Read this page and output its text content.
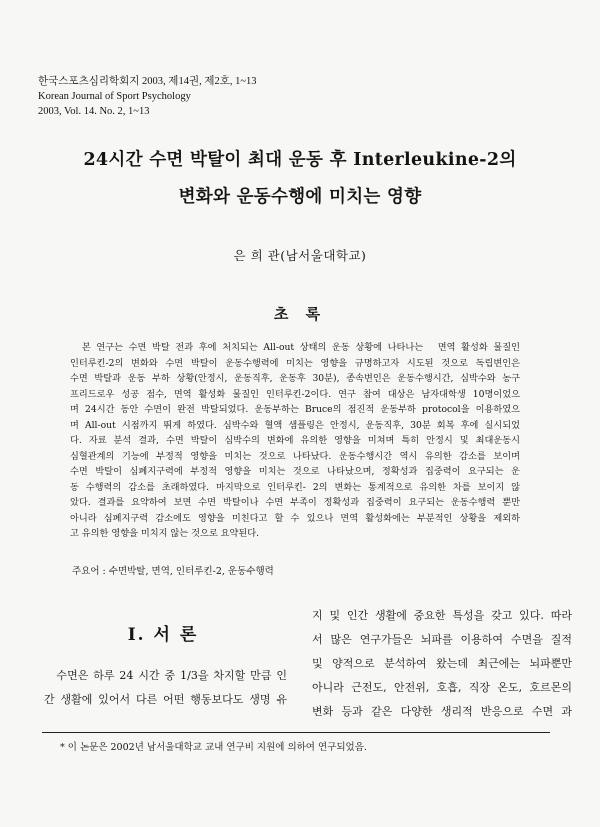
한국스포츠심리학회지 2003, 제14권, 제2호, 1~13
Korean Journal of Sport Psychology
2003, Vol. 14. No. 2, 1~13
24시간 수면 박탈이 최대 운동 후 Interleukine-2의
변화와 운동수행에 미치는 영향
은 희 관(남서울대학교)
초 록
　본 연구는 수면 박탈 전과 후에 처치되는 All-out 상태의 운동 상황에 나타나는　면역 활성화 물질인
인터루킨-2의 변화와 수면 박탈이 운동수행력에 미치는 영향을 규명하고자 시도된 것으로 독립변인은
수면 박탈과 운동 부하 상황(안정시, 운동직후, 운동후 30분), 종속변인은 운동수행시간, 심박수와 농구
프리드로우 성공 점수, 면역 활성화 물질인 인터루킨-2이다. 연구 참여 대상은 남자대학생 10명이었으
며 24시간 동안 수면이 완전 박탈되었다. 운동부하는 Bruce의 점진적 운동부하 protocol을 이용하였으
며 All-out 시점까지 뛰게 하였다. 심박수와 혈액 샘플링은 안정시, 운동직후, 30분 회복 후에 실시되었
다. 자료 분석 결과, 수면 박탈이 심박수의 변화에 유의한 영향을 미쳐며 특히 안정시 및 최대운동시
심혈관계의 기능에 부정적 영향을 미치는 것으로 나타났다. 운동수행시간 역시 유의한 감소를 보이며
수면 박탈이 심폐지구력에 부정적 영향을 미치는 것으로 나타났으며, 정확성과 집중력이 요구되는 운
동 수행력의 감소를 초래하였다. 마지막으로 인터루킨- 2의 변화는 통계적으로 유의한 차를 보이지 않
았다. 결과를 요약하여 보면 수면 박탈이나 수면 부족이 정확성과 집중력이 요구되는 운동수행력 뿐만
아니라 심폐지구력 감소에도 영향을 미친다고 할 수 있으나 면역 활성화에는 부분적인 상황을 제외하
고 유의한 영향을 미치지 않는 것으로 요약된다.
주요어 : 수면박탈, 면역, 인터루킨-2, 운동수행력
Ⅰ. 서 론
　수면은 하루 24 시간 중 1/3을 차지할 만큼 인
간 생활에 있어서 다른 어떤 행동보다도 생명 유
지 및 인간 생활에 중요한 특성을 갖고 있다. 따라
서 많은 연구가들은 뇌파를 이용하여 수면을 질적
및 양적으로 분석하여 왔는데 최근에는 뇌파뿐만
아니라 근전도, 안전위, 호흡, 직장 온도, 호르몬의
변화 등과 같은 다양한 생리적 반응으로 수면 과
* 이 논문은 2002년 남서울대학교 교내 연구비 지원에 의하여 연구되었음.
